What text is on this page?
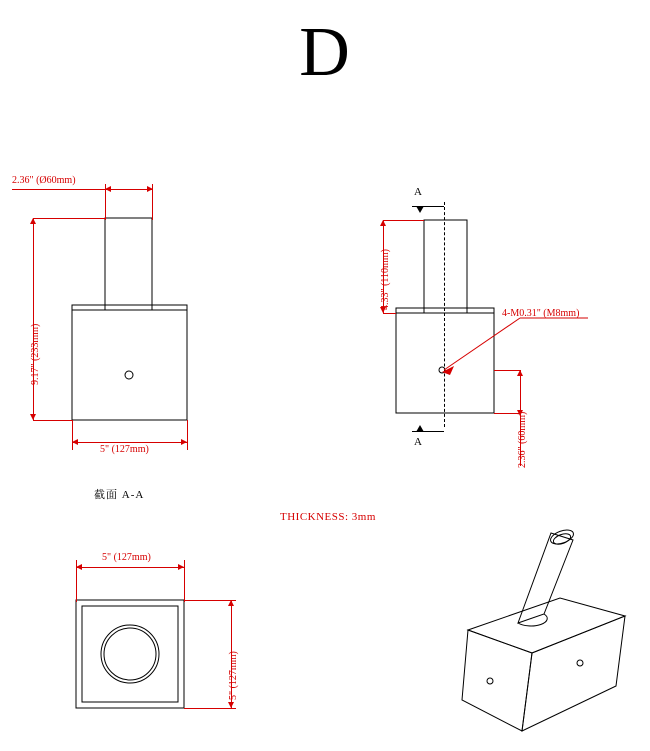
D
2.36" (Ø60mm)
9.17" (233mm)
5" (127mm)
截面 A-A
A
A
4.33" (110mm)
2.36" (60mm)
4-M0.31" (M8mm)
THICKNESS: 3mm
5" (127mm)
5" (127mm)
